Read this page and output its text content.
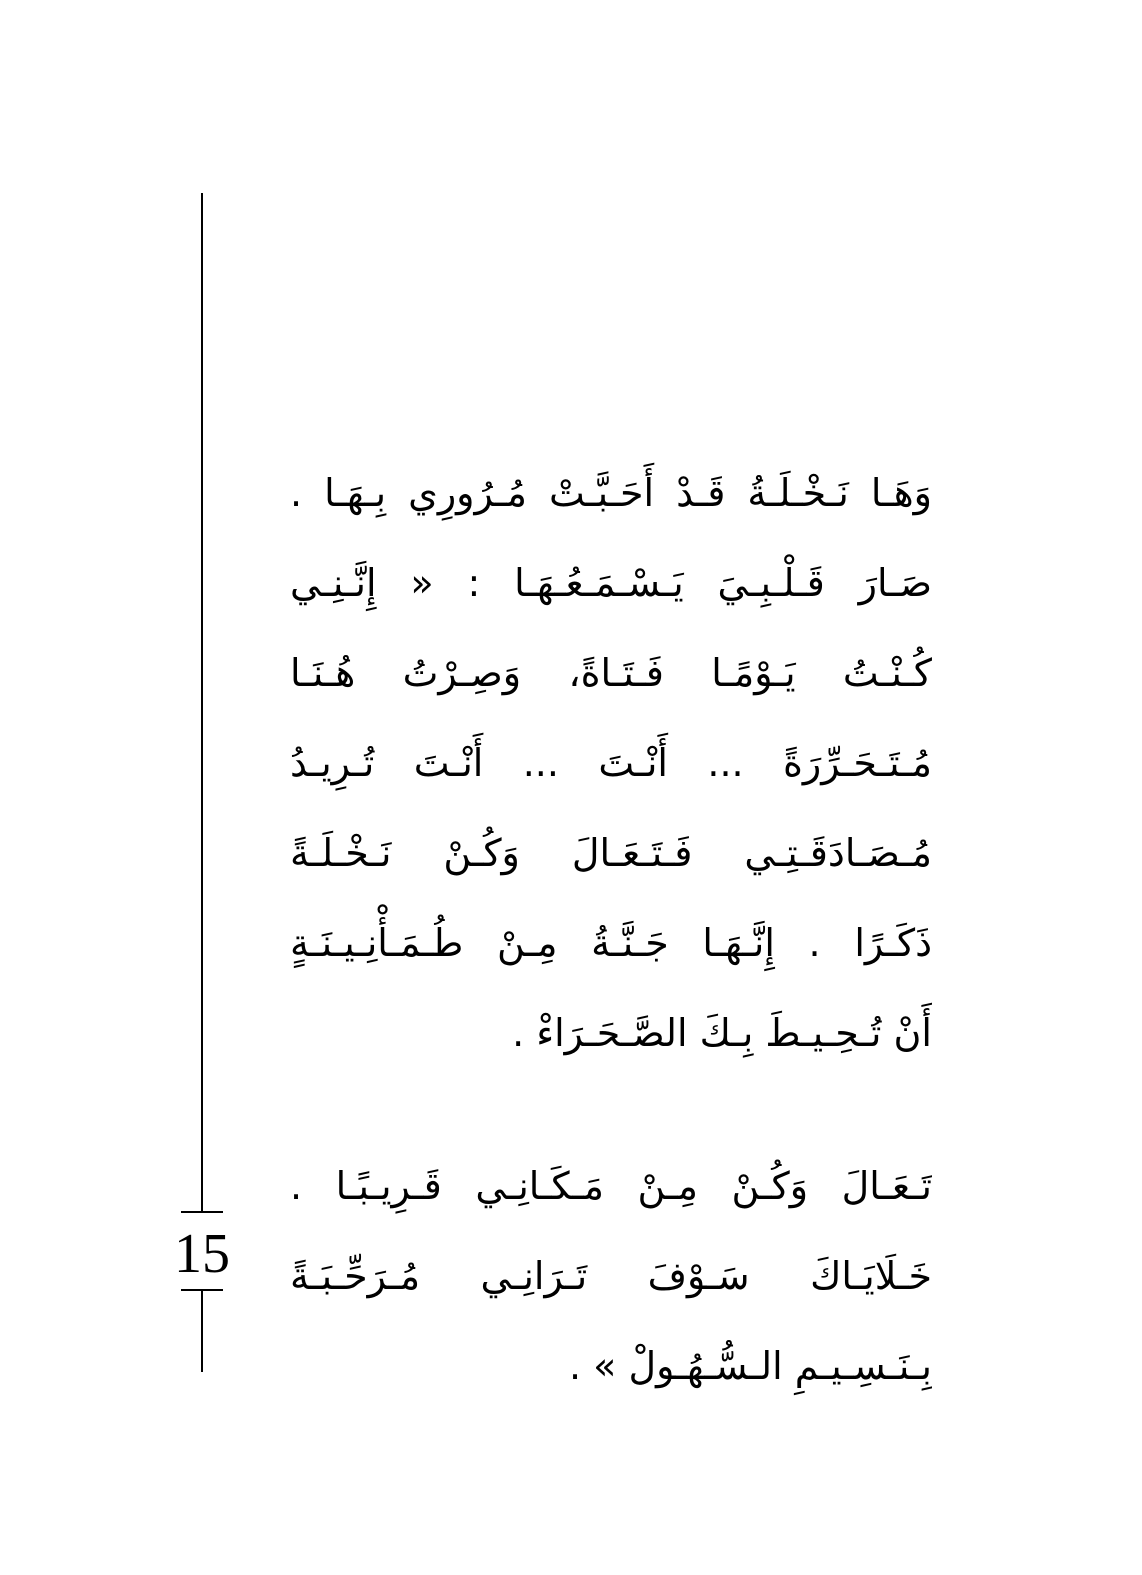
15
وَهَـا نَـخْـلَـةُ قَـدْ أَحَـبَّـتْ مُـرُورِي بِـهَـا .
صَـارَ قَـلْـبِـيَ يَـسْـمَـعُـهَـا : « إِنَّـنِـي
كُـنْـتُ يَـوْمًـا فَـتَـاةً، وَصِـرْتُ هُـنَـا
مُـتَـحَـرِّرَةً ... أَنْـتَ ... أَنْـتَ تُـرِيـدُ
مُـصَـادَقَـتِـي فَـتَـعَـالَ وَكُـنْ نَـخْـلَـةً
ذَكَـرًا . إِنَّـهَـا جَـنَّـةُ مِـنْ طُـمَـأْنِـيـنَـةٍ
أَنْ تُـحِـيـطَ بِـكَ الصَّـحَـرَاءْ .
تَـعَـالَ وَكُـنْ مِـنْ مَـكَـانِـي قَـرِيـبًـا .
خَـلَايَـاكَ سَـوْفَ تَـرَانِـي مُـرَحِّـبَـةً
بِـنَـسِـيـمِ الـسُّـهُـولْ » .
